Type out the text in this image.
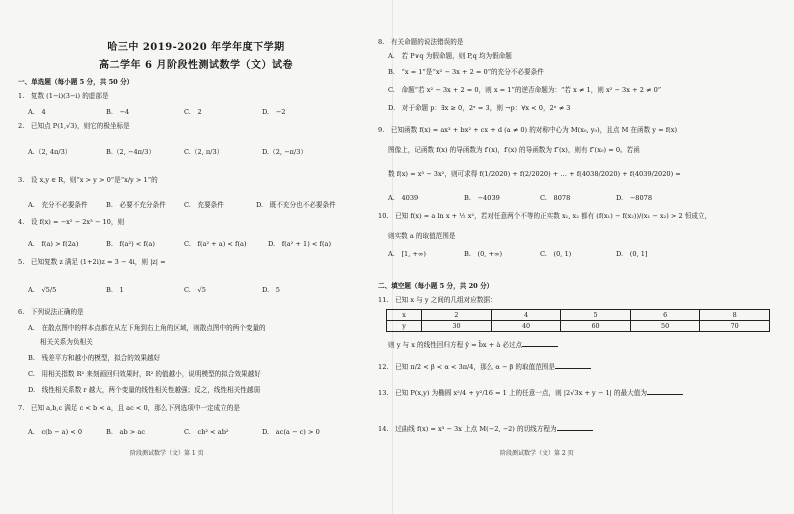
哈三中 2019-2020 年学年度下学期
高二学年 6 月阶段性测试数学（文）试卷
一、单选题（每小题 5 分，共 50 分）
1.　复数 (1−i)(3−i) 的虚部是
A.　4	B.　−4	C.　2	D.　−2
2.　已知点 P(1,√3)，则它的极坐标是
A.（2, 4π/3）	B.（2, −4π/3）	C.（2, π/3）	D.（2, −π/3）
3.　设 x,y ∈ R，则“x > y > 0”是“x/y > 1”的
A.　充分不必要条件	B.　必要不充分条件	C.　充要条件	D.　既不充分也不必要条件
4.　设 f(x) = −x² − 2x³ − 10，则
A.　f(a) > f(2a)	B.　f(a²) < f(a)	C.　f(a² + a) < f(a)	D.　f(a² + 1) < f(a)
5.　已知复数 z 满足 (1+2i)z = 3 − 4i，则 |z| =
A.　√5/5	B.　1	C.　√5	D.　5
6.　下列说法正确的是
A.　在散点图中的样本点都在从左下角到右上角的区域，则散点图中的两个变量的
相关关系为负相关
B.　残差平方和越小的模型，拟合的效果越好
C.　用相关指数 R² 来刻画回归效果时，R² 的值越小，说明模型的拟合效果越好
D.　线性相关系数 r 越大，两个变量的线性相关性越强；反之，线性相关性越弱
7.　已知 a,b,c 满足 c < b < a，且 ac < 0，那么下列选项中一定成立的是
A.　c(b − a) < 0	B.　ab > ac	C.　cb² < ab²	D.　ac(a − c) > 0
阶段测试数学（文）第 1 页
8.　有关命题的说法错误的是
A.　若 P∨q 为假命题，则 P,q 均为假命题
B.　“x = 1”是“x² − 3x + 2 = 0”的充分不必要条件
C.　命题“若 x² − 3x + 2 = 0，则 x = 1”的逆否命题为：“若 x ≠ 1，则 x² − 3x + 2 ≠ 0”
D.　对于命题 p：∃x ≥ 0，2ˣ = 3，则 ¬p：∀x < 0，2ˣ ≠ 3
9.　已知函数 f(x) = ax³ + bx² + cx + d (a ≠ 0) 的对称中心为 M(x₀, y₀)，且点 M 在函数 y = f(x)
图像上，记函数 f(x) 的导函数为 f′(x)，f′(x) 的导函数为 f″(x)，则有 f″(x₀) = 0。若函
数 f(x) = x³ − 3x²，则可求得 f(1/2020) + f(2/2020) + … + f(4038/2020) + f(4039/2020) =
A.　4039	B.　−4039	C.　8078	D.　−8078
10.　已知 f(x) = a ln x + ½ x²，若对任意两个不等的正实数 x₁, x₂ 都有 (f(x₁) − f(x₂))/(x₁ − x₂) > 2 恒成立，
则实数 a 的取值范围是
A.　[1, +∞)	B.　(0, +∞)	C.　(0, 1)	D.　(0, 1]
二、填空题（每小题 5 分，共 20 分）
11.　已知 x 与 y 之间的几组对应数据：
x	2	4	5	6	8
y	30	40	60	50	70
则 y 与 x 的线性回归方程 ŷ = b̂x + â 必过点
12.　已知 π/2 < β < α < 3π/4，那么 α − β 的取值范围是
13.　已知 P(x,y) 为椭圆 x²/4 + y²/16 = 1 上的任意一点，则 |2√3x + y − 1| 的最大值为
14.　过曲线 f(x) = x³ − 3x 上点 M(−2, −2) 的切线方程为
阶段测试数学（文）第 2 页
